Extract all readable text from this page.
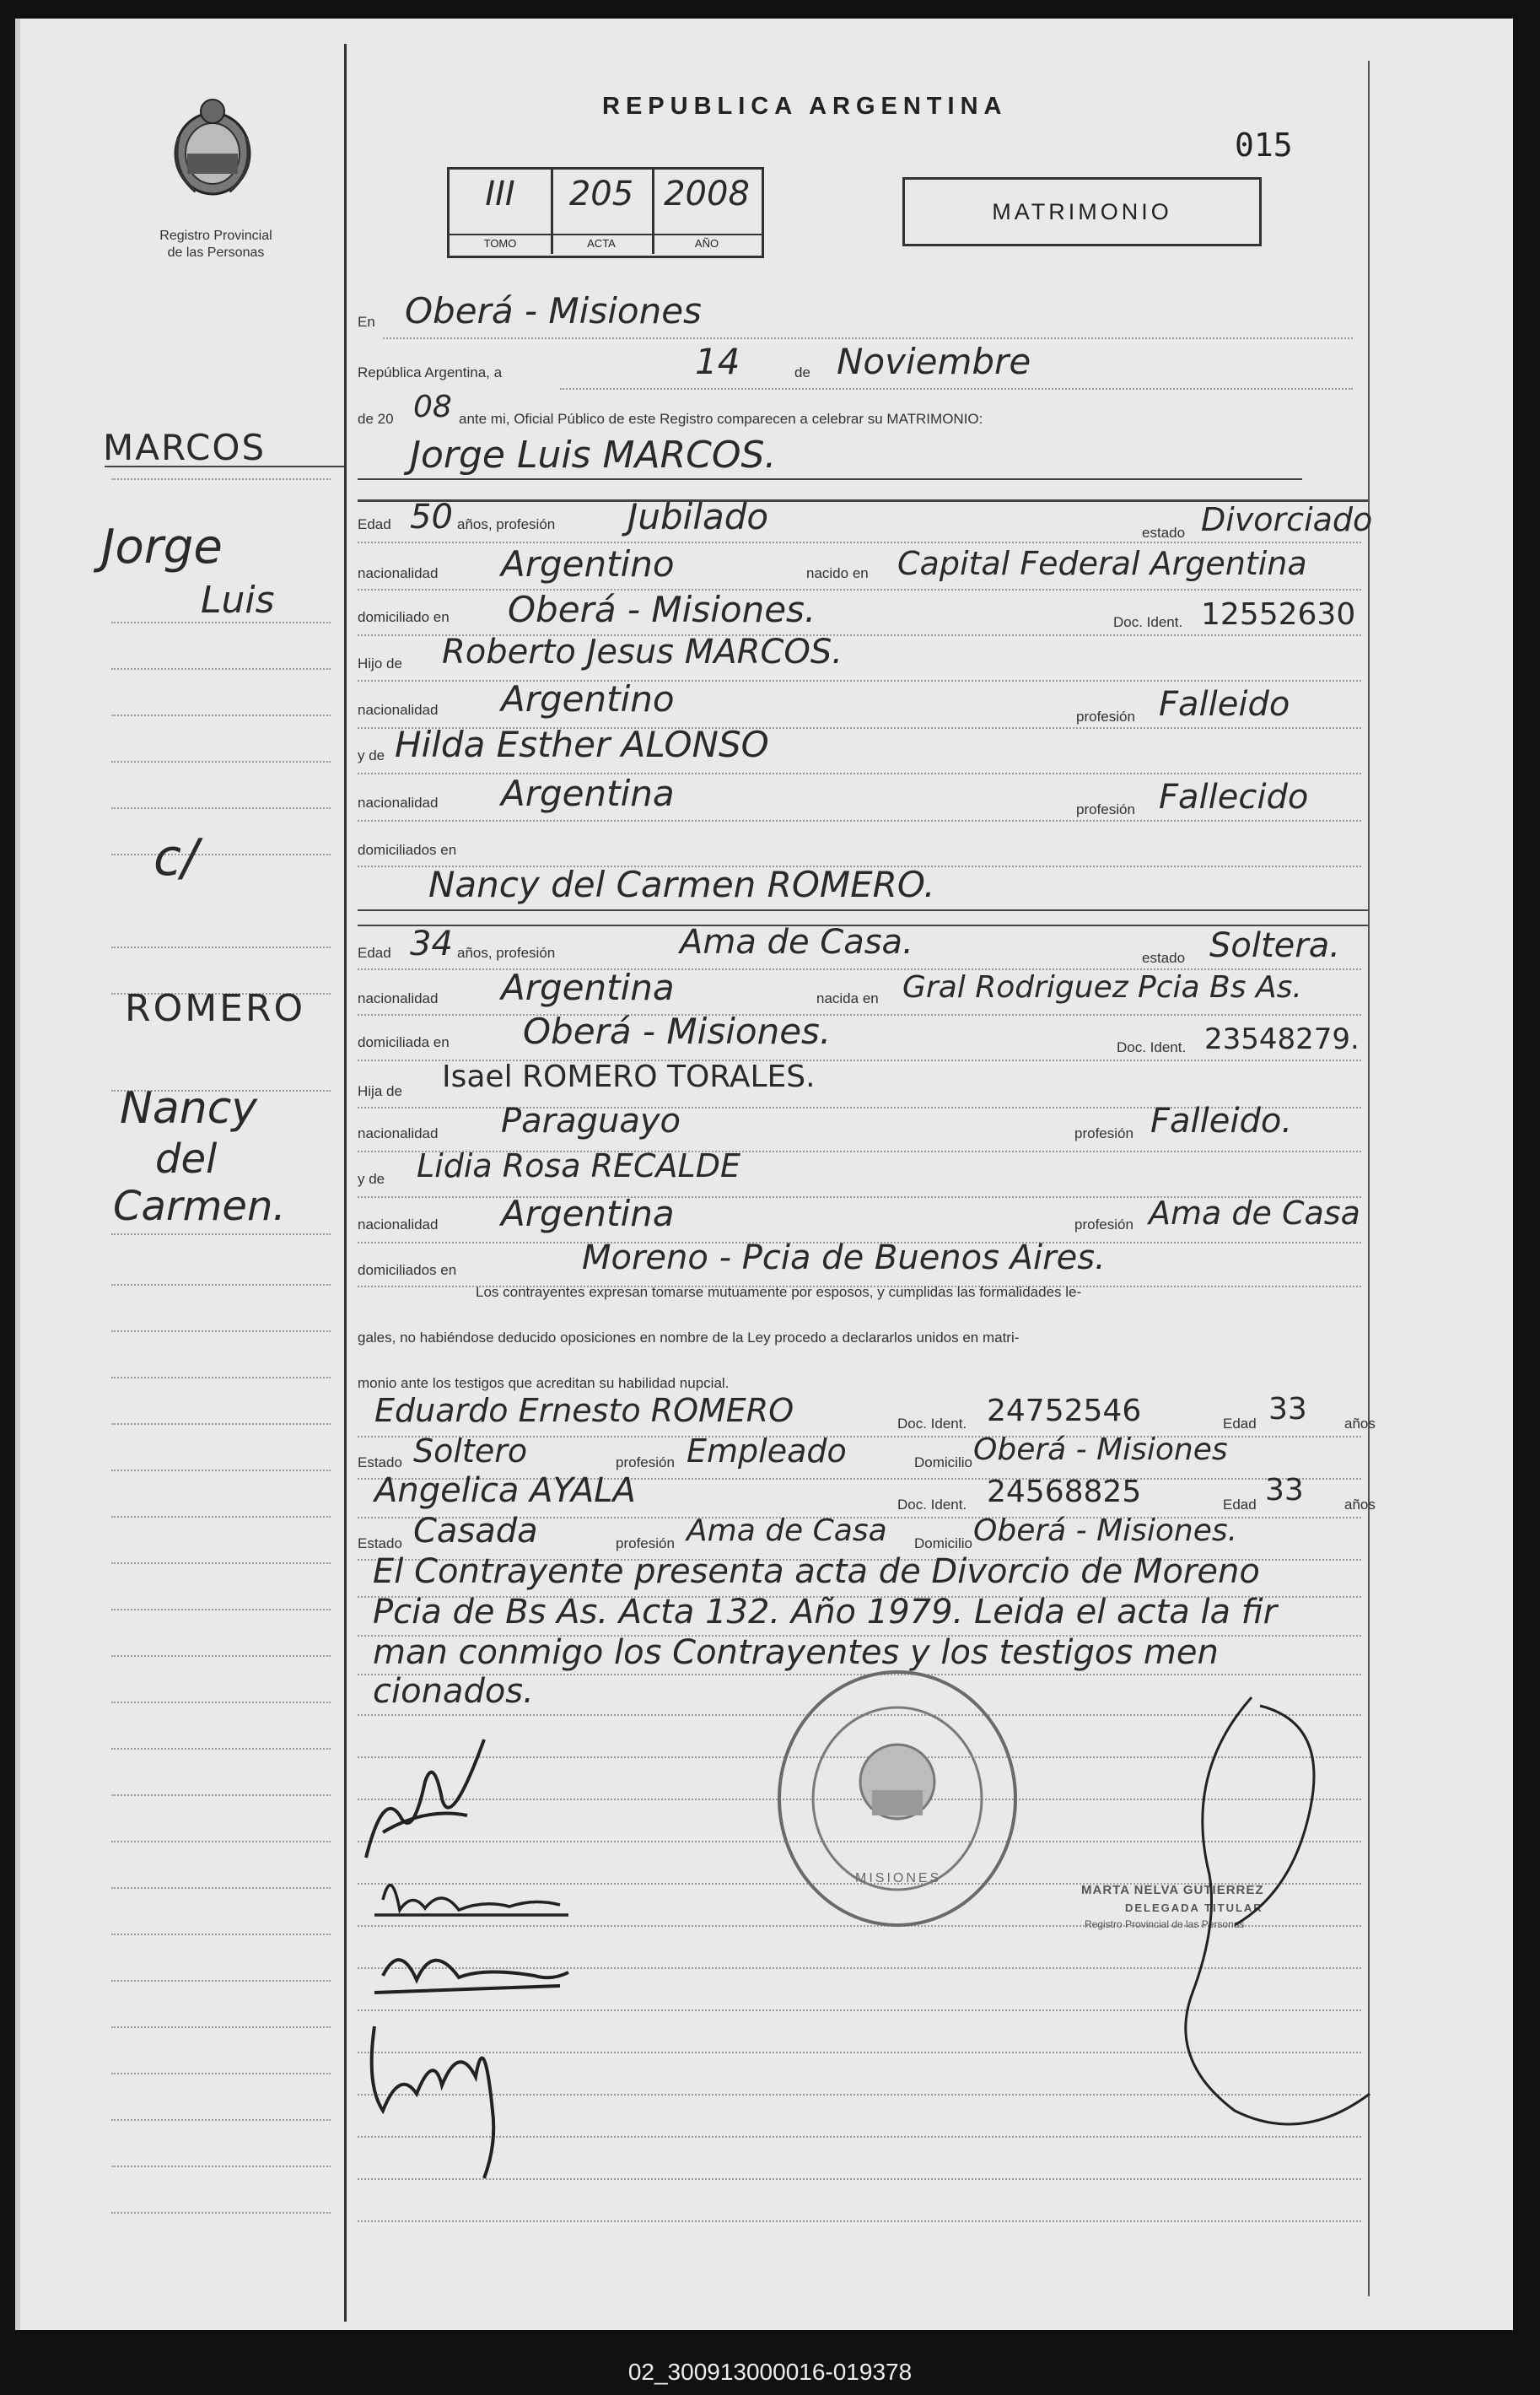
Registro Provincial
de las Personas
REPUBLICA ARGENTINA
015
III	205 2008
TOMO	ACTA	AÑO
MATRIMONIO
MARCOS
Jorge
Luis
c/
ROMERO
Nancy
del
Carmen.
En Oberá - Misiones
República Argentina, a	14	de Noviembre
de 20 08 ante mi, Oficial Público de este Registro comparecen a celebrar su MATRIMONIO:
Jorge Luis MARCOS.
Edad 50 años, profesión Jubilado	estado Divorciado
nacionalidad Argentino	nacido en Capital Federal Argentina
domiciliado en Oberá - Misiones.	Doc. Ident. 12552630
Hijo de Roberto Jesus MARCOS.
nacionalidad Argentino	profesión Falleido
y de Hilda Esther ALONSO
nacionalidad Argentina	profesión Fallecido
domiciliados en
Nancy del Carmen ROMERO.
Edad 34 años, profesión	Ama de Casa.	estado Soltera.
nacionalidad Argentina	nacida en Gral Rodriguez Pcia Bs As.
domiciliada en Oberá - Misiones.	Doc. Ident. 23548279.
Hija de Isael ROMERO TORALES.
nacionalidad Paraguayo	profesión Falleido.
y de Lidia Rosa RECALDE
nacionalidad Argentina	profesión Ama de Casa
domiciliados en	Moreno - Pcia de Buenos Aires.
Los contrayentes expresan tomarse mutuamente por esposos, y cumplidas las formalidades le-
gales, no habiéndose deducido oposiciones en nombre de la Ley procedo a declararlos unidos en matri-
monio ante los testigos que acreditan su habilidad nupcial.
Eduardo Ernesto ROMERO	Doc. Ident. 24752546	Edad 33	años
Estado Soltero	profesión Empleado	Domicilio Oberá - Misiones
Angelica AYALA	Doc. Ident. 24568825	Edad 33	años
Estado Casada	profesión Ama de Casa Domicilio Oberá - Misiones.
El Contrayente presenta acta de Divorcio de Moreno
Pcia de Bs As. Acta 132. Año 1979. Leida el acta la fir
man conmigo los Contrayentes y los testigos men
cionados.
MISIONES
MARTA NELVA GUTIERREZ
DELEGADA TITULAR
Registro Provincial de las Personas
02_300913000016-019378
